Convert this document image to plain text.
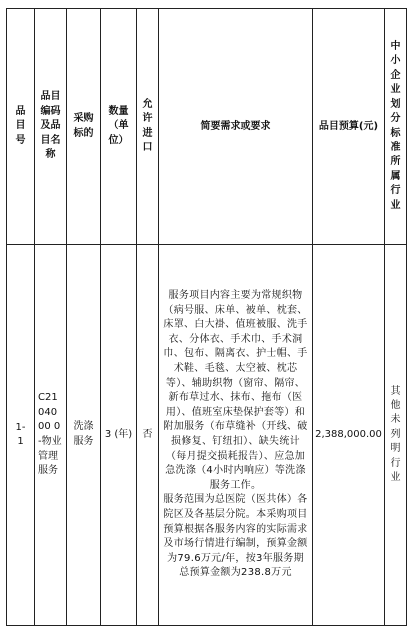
品目号	品目编码及品目名称	采购标的	数量（单位）	允许进口	简要需求或要求	品目预算(元)	中小企业划分标准所属行业

1-1	C2104000 0-物业管理服务	洗涤服务	3 (年)	否	服务项目内容主要为常规织物（病号服、床单、被单、枕套、床罩、白大褂、值班被服、洗手衣、分体衣、手术巾、手术洞巾、包布、隔离衣、护士帽、手术鞋、毛毯、太空被、枕芯等）、辅助织物（窗帘、隔帘、新布草过水、抹布、拖布（医用）、值班室床垫保护套等）和附加服务（布草缝补（开线、破损修复、钉纽扣）、缺失统计（每月提交损耗报告）、应急加急洗涤（4小时内响应）等洗涤服务工作。

服务范围为总医院（医共体）各院区及各基层分院。本采购项目预算根据各服务内容的实际需求及市场行情进行编制，预算金额为79.6万元/年，按3年服务期总预算金额为238.8万元	2,388,000.00	其他未列明行业
